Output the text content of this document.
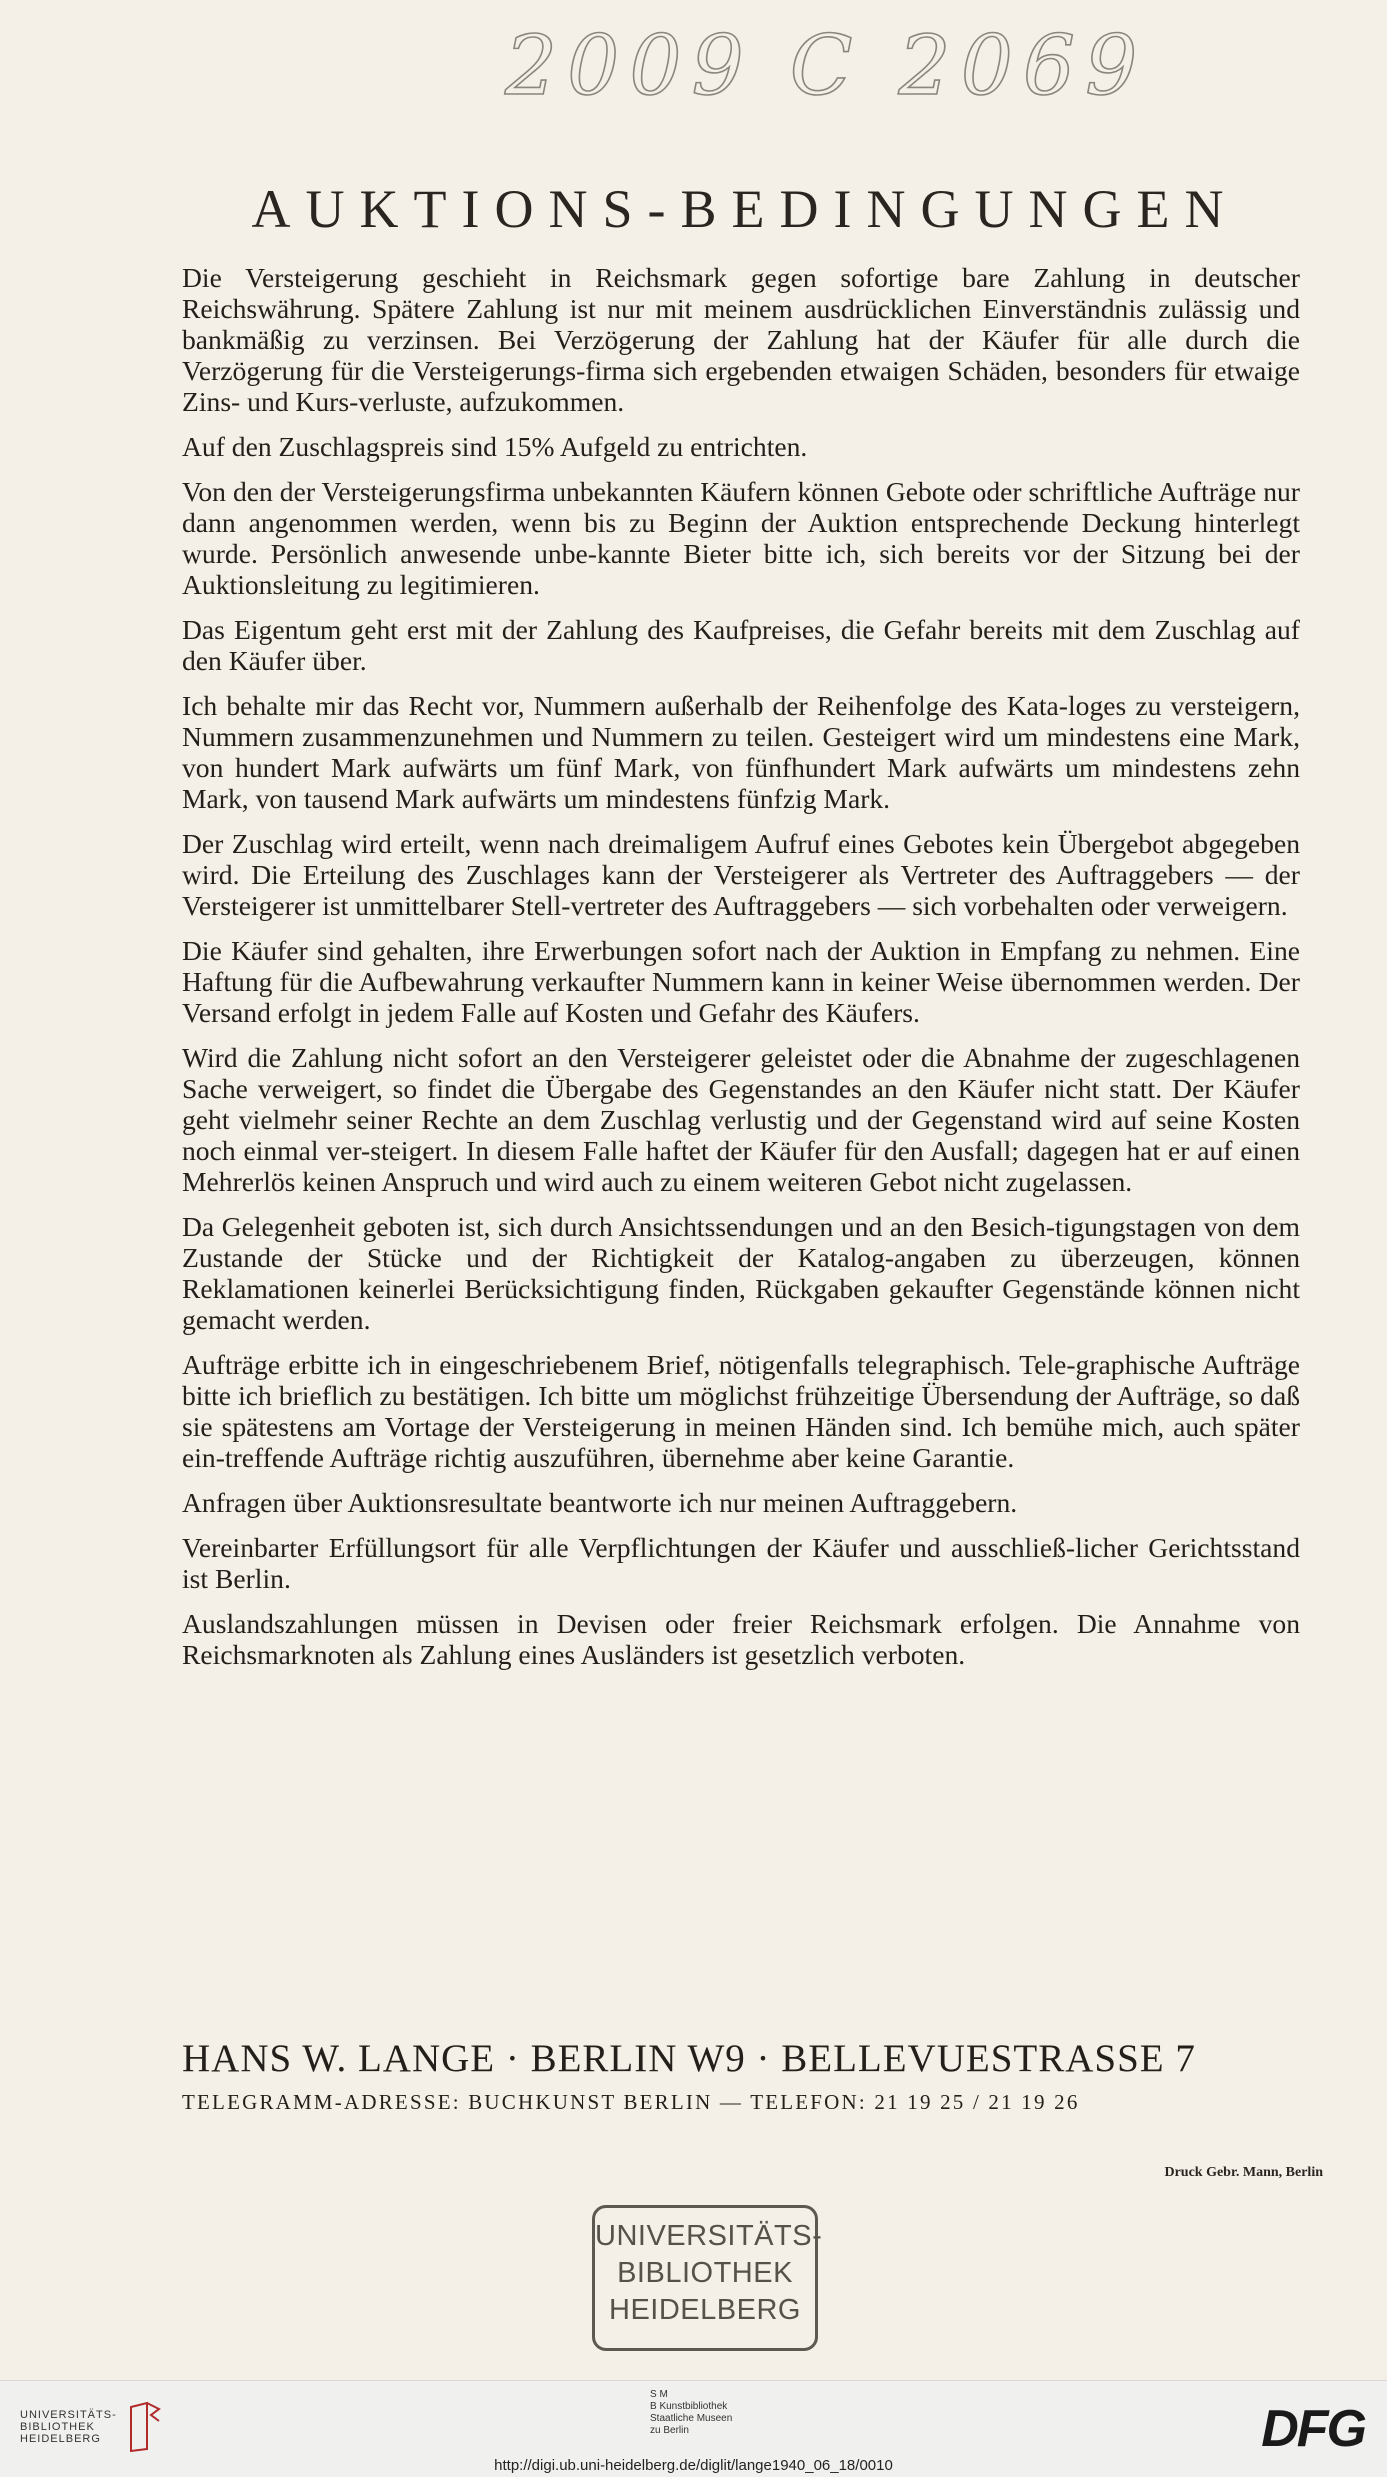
2009 C 2069
AUKTIONS-BEDINGUNGEN

Die Versteigerung geschieht in Reichsmark gegen sofortige bare Zahlung in deutscher Reichswährung. Spätere Zahlung ist nur mit meinem ausdrücklichen Einverständnis zulässig und bankmäßig zu verzinsen. Bei Verzögerung der Zahlung hat der Käufer für alle durch die Verzögerung für die Versteigerungs-firma sich ergebenden etwaigen Schäden, besonders für etwaige Zins- und Kurs-verluste, aufzukommen.

Auf den Zuschlagspreis sind 15% Aufgeld zu entrichten.

Von den der Versteigerungsfirma unbekannten Käufern können Gebote oder schriftliche Aufträge nur dann angenommen werden, wenn bis zu Beginn der Auktion entsprechende Deckung hinterlegt wurde. Persönlich anwesende unbe-kannte Bieter bitte ich, sich bereits vor der Sitzung bei der Auktionsleitung zu legitimieren.

Das Eigentum geht erst mit der Zahlung des Kaufpreises, die Gefahr bereits mit dem Zuschlag auf den Käufer über.

Ich behalte mir das Recht vor, Nummern außerhalb der Reihenfolge des Kata-loges zu versteigern, Nummern zusammenzunehmen und Nummern zu teilen. Gesteigert wird um mindestens eine Mark, von hundert Mark aufwärts um fünf Mark, von fünfhundert Mark aufwärts um mindestens zehn Mark, von tausend Mark aufwärts um mindestens fünfzig Mark.

Der Zuschlag wird erteilt, wenn nach dreimaligem Aufruf eines Gebotes kein Übergebot abgegeben wird. Die Erteilung des Zuschlages kann der Versteigerer als Vertreter des Auftraggebers — der Versteigerer ist unmittelbarer Stell-vertreter des Auftraggebers — sich vorbehalten oder verweigern.

Die Käufer sind gehalten, ihre Erwerbungen sofort nach der Auktion in Empfang zu nehmen. Eine Haftung für die Aufbewahrung verkaufter Nummern kann in keiner Weise übernommen werden. Der Versand erfolgt in jedem Falle auf Kosten und Gefahr des Käufers.

Wird die Zahlung nicht sofort an den Versteigerer geleistet oder die Abnahme der zugeschlagenen Sache verweigert, so findet die Übergabe des Gegenstandes an den Käufer nicht statt. Der Käufer geht vielmehr seiner Rechte an dem Zuschlag verlustig und der Gegenstand wird auf seine Kosten noch einmal ver-steigert. In diesem Falle haftet der Käufer für den Ausfall; dagegen hat er auf einen Mehrerlös keinen Anspruch und wird auch zu einem weiteren Gebot nicht zugelassen.

Da Gelegenheit geboten ist, sich durch Ansichtssendungen und an den Besich-tigungstagen von dem Zustande der Stücke und der Richtigkeit der Katalog-angaben zu überzeugen, können Reklamationen keinerlei Berücksichtigung finden, Rückgaben gekaufter Gegenstände können nicht gemacht werden.

Aufträge erbitte ich in eingeschriebenem Brief, nötigenfalls telegraphisch. Tele-graphische Aufträge bitte ich brieflich zu bestätigen. Ich bitte um möglichst frühzeitige Übersendung der Aufträge, so daß sie spätestens am Vortage der Versteigerung in meinen Händen sind. Ich bemühe mich, auch später ein-treffende Aufträge richtig auszuführen, übernehme aber keine Garantie.

Anfragen über Auktionsresultate beantworte ich nur meinen Auftraggebern.

Vereinbarter Erfüllungsort für alle Verpflichtungen der Käufer und ausschließ-licher Gerichtsstand ist Berlin.

Auslandszahlungen müssen in Devisen oder freier Reichsmark erfolgen. Die Annahme von Reichsmarknoten als Zahlung eines Ausländers ist gesetzlich verboten.

HANS W. LANGE · BERLIN W9 · BELLEVUESTRASSE 7
TELEGRAMM-ADRESSE: BUCHKUNST BERLIN — TELEFON: 21 19 25 / 21 19 26
Druck Gebr. Mann, Berlin
UNIVERSITÄTS-
BIBLIOTHEK
HEIDELBERG
UNIVERSITÄTS-
BIBLIOTHEK
HEIDELBERG
S M
B Kunstbibliothek
Staatliche Museen
zu Berlin	DFG
http://digi.ub.uni-heidelberg.de/diglit/lange1940_06_18/0010
